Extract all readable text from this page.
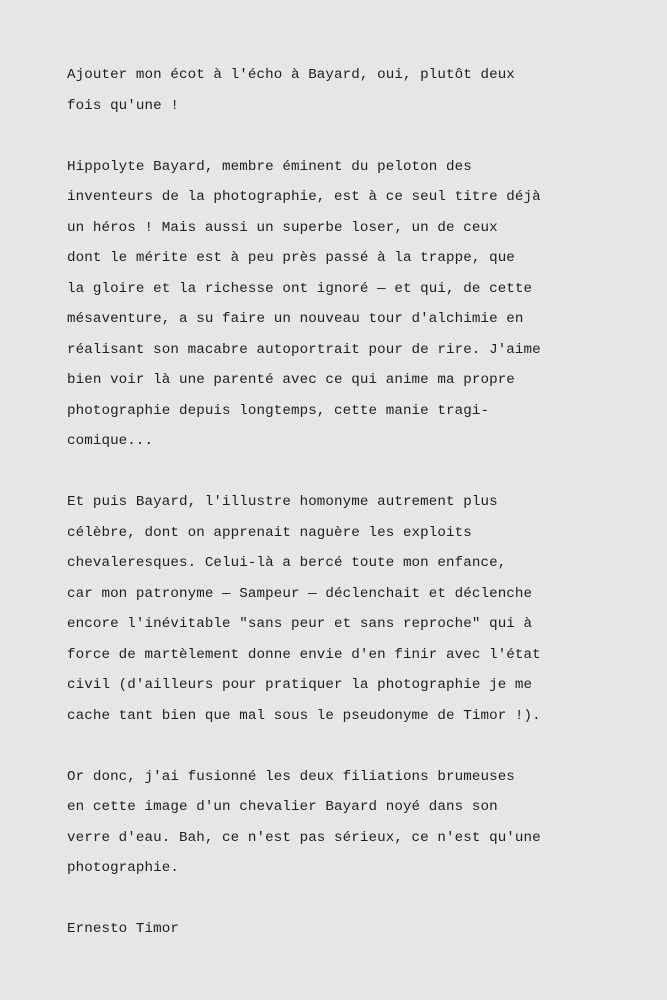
Ajouter mon écot à l'écho à Bayard, oui, plutôt deux
fois qu'une !

Hippolyte Bayard, membre éminent du peloton des
inventeurs de la photographie, est à ce seul titre déjà
un héros ! Mais aussi un superbe loser, un de ceux
dont le mérite est à peu près passé à la trappe, que
la gloire et la richesse ont ignoré — et qui, de cette
mésaventure, a su faire un nouveau tour d'alchimie en
réalisant son macabre autoportrait pour de rire. J'aime
bien voir là une parenté avec ce qui anime ma propre
photographie depuis longtemps, cette manie tragi-
comique...

Et puis Bayard, l'illustre homonyme autrement plus
célèbre, dont on apprenait naguère les exploits
chevaleresques. Celui-là a bercé toute mon enfance,
car mon patronyme — Sampeur — déclenchait et déclenche
encore l'inévitable "sans peur et sans reproche" qui à
force de martèlement donne envie d'en finir avec l'état
civil (d'ailleurs pour pratiquer la photographie je me
cache tant bien que mal sous le pseudonyme de Timor !).

Or donc, j'ai fusionné les deux filiations brumeuses
en cette image d'un chevalier Bayard noyé dans son
verre d'eau. Bah, ce n'est pas sérieux, ce n'est qu'une
photographie.

Ernesto Timor
